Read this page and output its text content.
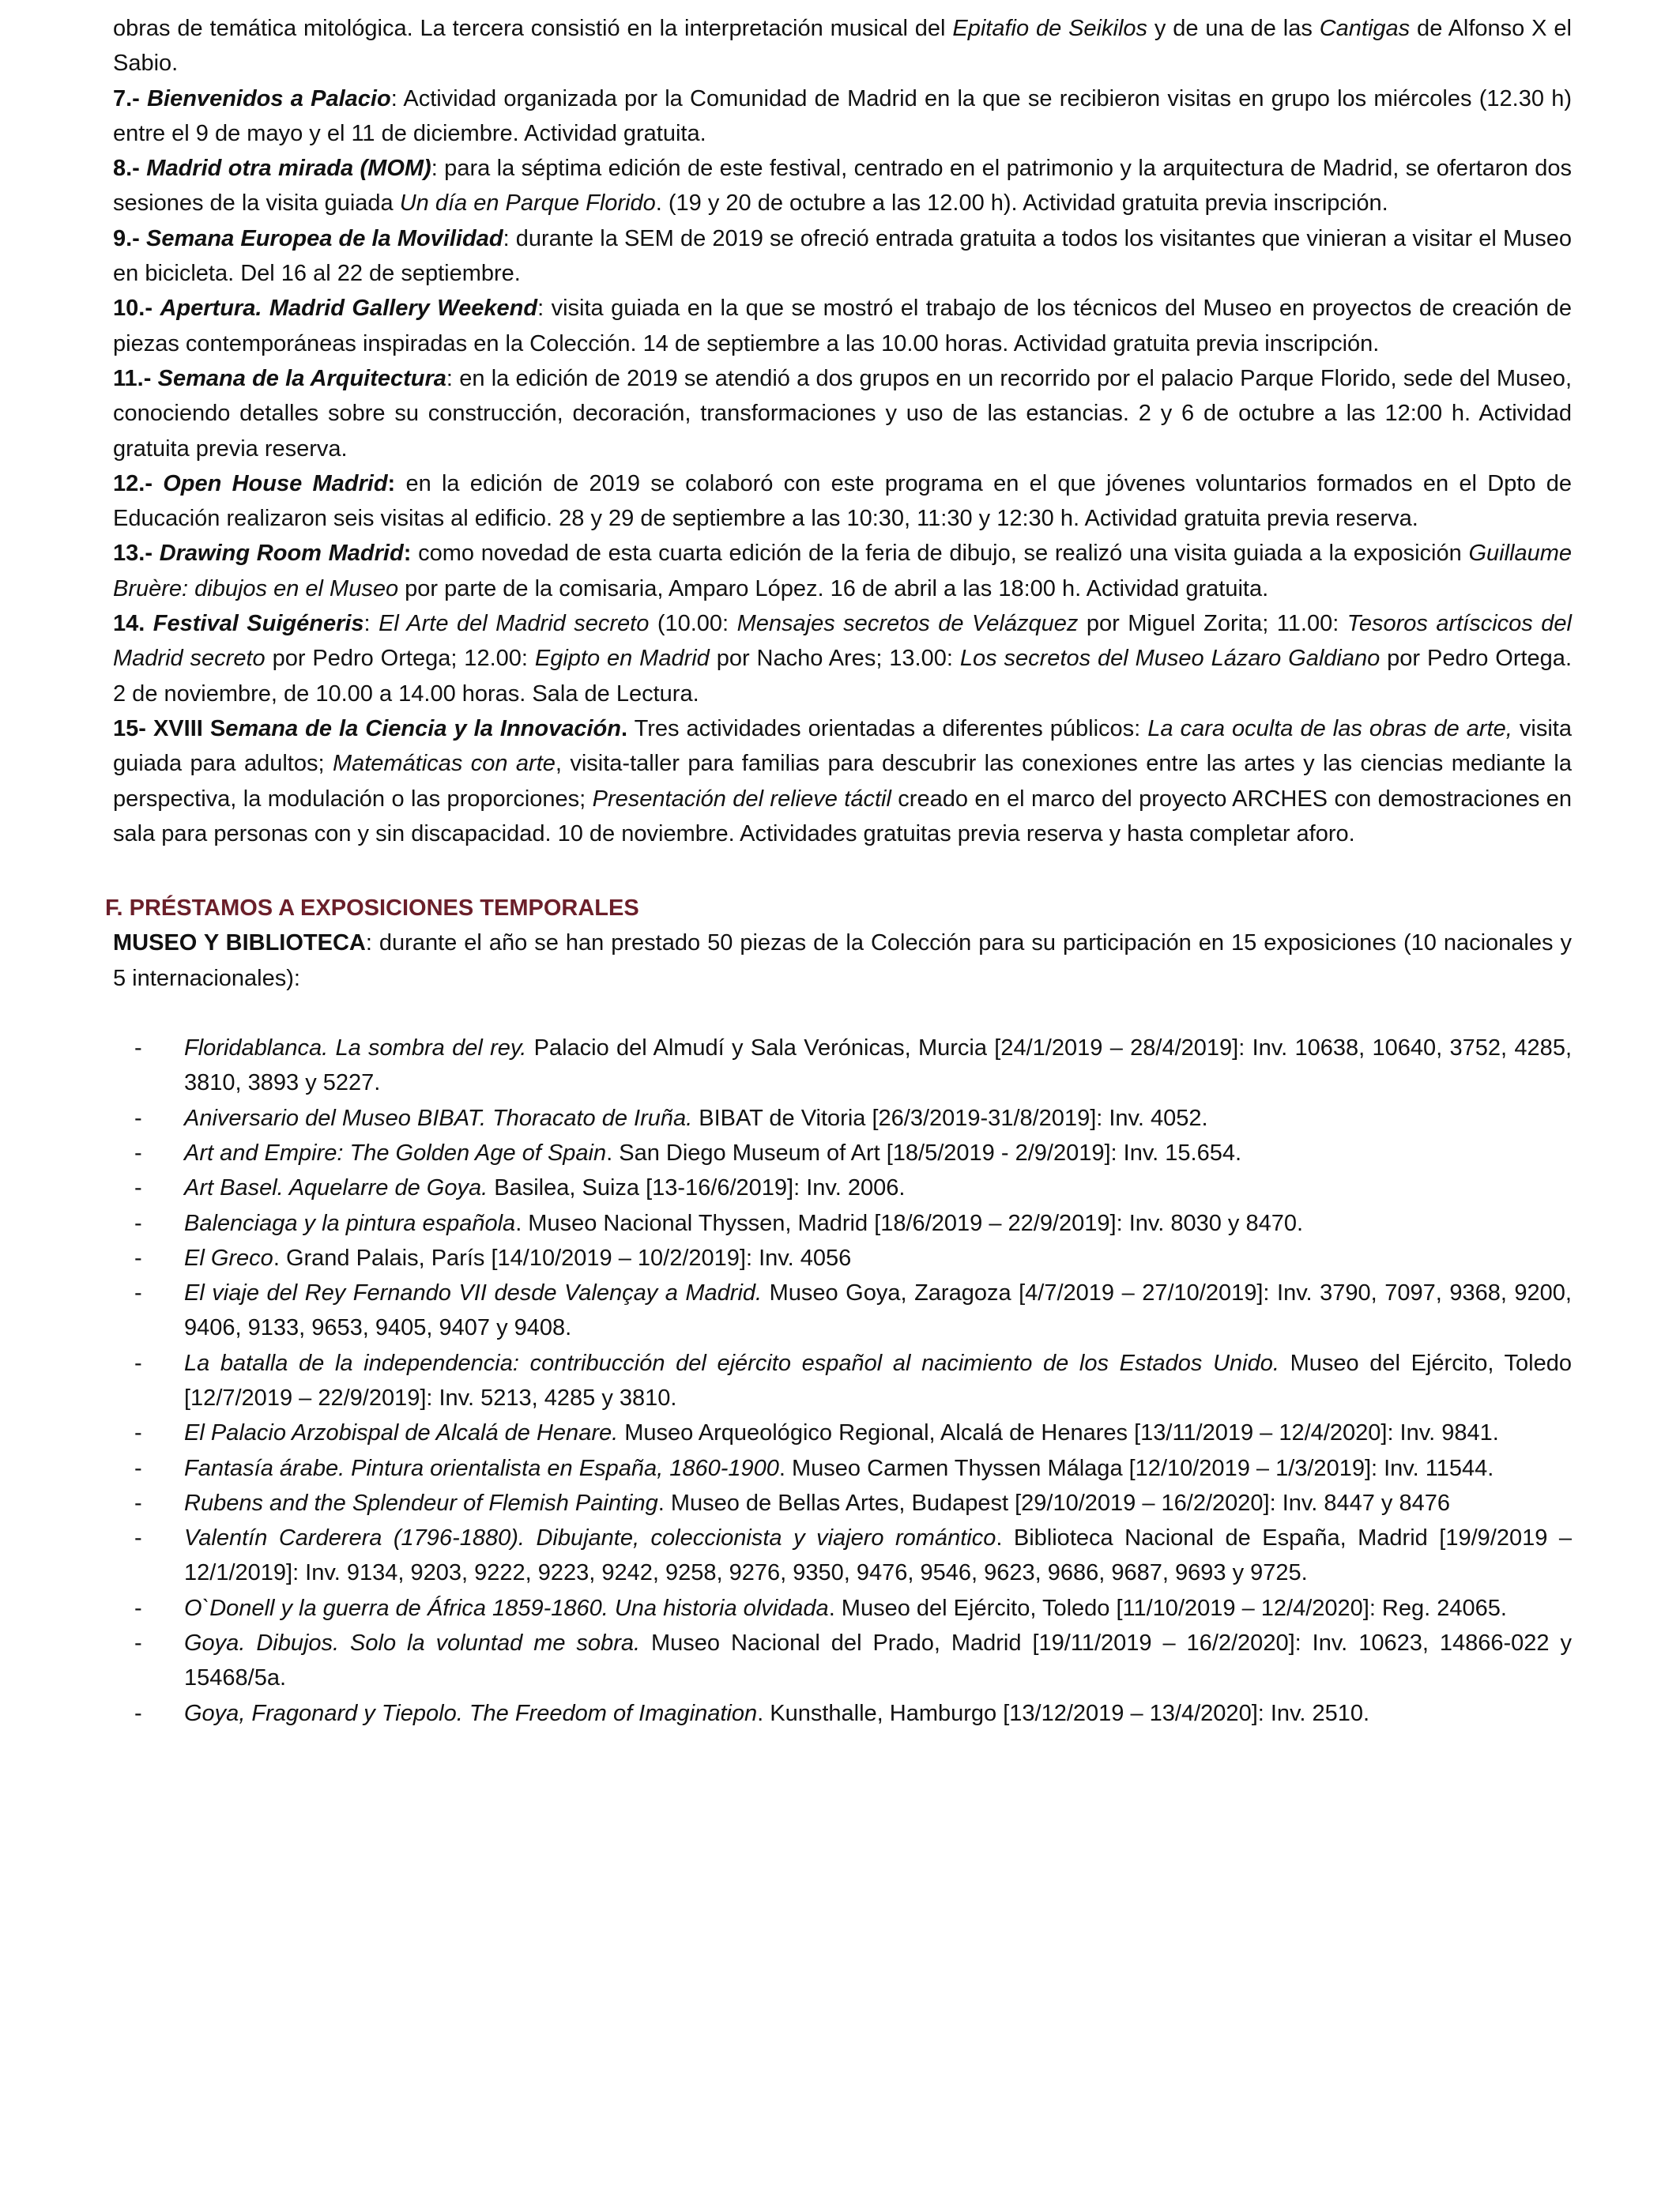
obras de temática mitológica. La tercera consistió en la interpretación musical del Epitafio de Seikilos y de una de las Cantigas de Alfonso X el Sabio.

7.- Bienvenidos a Palacio: Actividad organizada por la Comunidad de Madrid en la que se recibieron visitas en grupo los miércoles (12.30 h) entre el 9 de mayo y el 11 de diciembre. Actividad gratuita.

8.- Madrid otra mirada (MOM): para la séptima edición de este festival, centrado en el patrimonio y la arquitectura de Madrid, se ofertaron dos sesiones de la visita guiada Un día en Parque Florido. (19 y 20 de octubre a las 12.00 h). Actividad gratuita previa inscripción.

9.- Semana Europea de la Movilidad: durante la SEM de 2019 se ofreció entrada gratuita a todos los visitantes que vinieran a visitar el Museo en bicicleta. Del 16 al 22 de septiembre.

10.- Apertura. Madrid Gallery Weekend: visita guiada en la que se mostró el trabajo de los técnicos del Museo en proyectos de creación de piezas contemporáneas inspiradas en la Colección. 14 de septiembre a las 10.00 horas. Actividad gratuita previa inscripción.

11.- Semana de la Arquitectura: en la edición de 2019 se atendió a dos grupos en un recorrido por el palacio Parque Florido, sede del Museo, conociendo detalles sobre su construcción, decoración, transformaciones y uso de las estancias. 2 y 6 de octubre a las 12:00 h. Actividad gratuita previa reserva.

12.- Open House Madrid: en la edición de 2019 se colaboró con este programa en el que jóvenes voluntarios formados en el Dpto de Educación realizaron seis visitas al edificio. 28 y 29 de septiembre a las 10:30, 11:30 y 12:30 h. Actividad gratuita previa reserva.

13.- Drawing Room Madrid: como novedad de esta cuarta edición de la feria de dibujo, se realizó una visita guiada a la exposición Guillaume Bruère: dibujos en el Museo por parte de la comisaria, Amparo López. 16 de abril a las 18:00 h. Actividad gratuita.

14. Festival Suigéneris: El Arte del Madrid secreto (10.00: Mensajes secretos de Velázquez por Miguel Zorita; 11.00: Tesoros artíscicos del Madrid secreto por Pedro Ortega; 12.00: Egipto en Madrid por Nacho Ares; 13.00: Los secretos del Museo Lázaro Galdiano por Pedro Ortega. 2 de noviembre, de 10.00 a 14.00 horas. Sala de Lectura.

15- XVIII Semana de la Ciencia y la Innovación. Tres actividades orientadas a diferentes públicos: La cara oculta de las obras de arte, visita guiada para adultos; Matemáticas con arte, visita-taller para familias para descubrir las conexiones entre las artes y las ciencias mediante la perspectiva, la modulación o las proporciones; Presentación del relieve táctil creado en el marco del proyecto ARCHES con demostraciones en sala para personas con y sin discapacidad. 10 de noviembre. Actividades gratuitas previa reserva y hasta completar aforo.

F. PRÉSTAMOS A EXPOSICIONES TEMPORALES

MUSEO Y BIBLIOTECA: durante el año se han prestado 50 piezas de la Colección para su participación en 15 exposiciones (10 nacionales y 5 internacionales):

- Floridablanca. La sombra del rey. Palacio del Almudí y Sala Verónicas, Murcia [24/1/2019 – 28/4/2019]: Inv. 10638, 10640, 3752, 4285, 3810, 3893 y 5227.
- Aniversario del Museo BIBAT. Thoracato de Iruña. BIBAT de Vitoria [26/3/2019-31/8/2019]: Inv. 4052.
- Art and Empire: The Golden Age of Spain. San Diego Museum of Art [18/5/2019 - 2/9/2019]: Inv. 15.654.
- Art Basel. Aquelarre de Goya. Basilea, Suiza [13-16/6/2019]: Inv. 2006.
- Balenciaga y la pintura española. Museo Nacional Thyssen, Madrid [18/6/2019 – 22/9/2019]: Inv. 8030 y 8470.
- El Greco. Grand Palais, París [14/10/2019 – 10/2/2019]: Inv. 4056
- El viaje del Rey Fernando VII desde Valençay a Madrid. Museo Goya, Zaragoza [4/7/2019 – 27/10/2019]: Inv. 3790, 7097, 9368, 9200, 9406, 9133, 9653, 9405, 9407 y 9408.
- La batalla de la independencia: contribucción del ejército español al nacimiento de los Estados Unido. Museo del Ejército, Toledo [12/7/2019 – 22/9/2019]: Inv. 5213, 4285 y 3810.
- El Palacio Arzobispal de Alcalá de Henare. Museo Arqueológico Regional, Alcalá de Henares [13/11/2019 – 12/4/2020]: Inv. 9841.
- Fantasía árabe. Pintura orientalista en España, 1860-1900. Museo Carmen Thyssen Málaga [12/10/2019 – 1/3/2019]: Inv. 11544.
- Rubens and the Splendeur of Flemish Painting. Museo de Bellas Artes, Budapest [29/10/2019 – 16/2/2020]: Inv. 8447 y 8476
- Valentín Carderera (1796-1880). Dibujante, coleccionista y viajero romántico. Biblioteca Nacional de España, Madrid [19/9/2019 – 12/1/2019]: Inv. 9134, 9203, 9222, 9223, 9242, 9258, 9276, 9350, 9476, 9546, 9623, 9686, 9687, 9693 y 9725.
- O`Donell y la guerra de África 1859-1860. Una historia olvidada. Museo del Ejército, Toledo [11/10/2019 – 12/4/2020]: Reg. 24065.
- Goya. Dibujos. Solo la voluntad me sobra. Museo Nacional del Prado, Madrid [19/11/2019 – 16/2/2020]: Inv. 10623, 14866-022 y 15468/5a.
- Goya, Fragonard y Tiepolo. The Freedom of Imagination. Kunsthalle, Hamburgo [13/12/2019 – 13/4/2020]: Inv. 2510.
